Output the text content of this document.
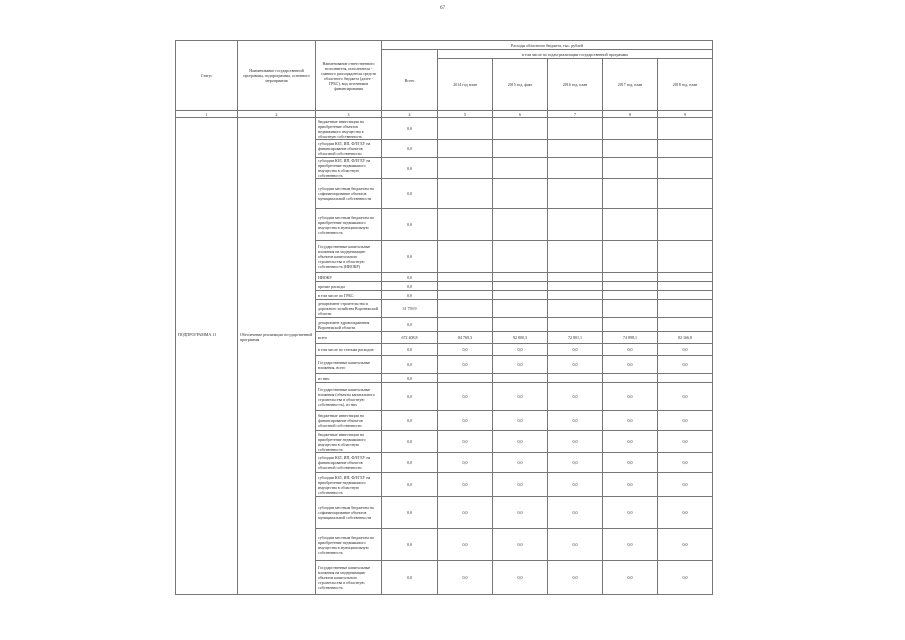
67
Статус	Наименование государственной программы, подпрограммы, основного мероприятия	Наименование ответственного исполнителя, исполнителя - главного распорядителя средств областного бюджета (далее - ГРБС), вид источников финансирования	Расходы областного бюджета, тыс. рублей					
			Всего	в том числе по годам реализации государственной программы				
				2014 год план	2015 год, факт	2016 год, план	2017 год, план	2018 год, план
1	2	3	4	5	6	7	8	9
		бюджетные инвестиции на приобретение объектов недвижимого имущества в областную собственность	0,0					
		субсидии ЮЛ, ИП, ФЛ/ГБУ на финансирование объектов областной собственности	0,0					
		субсидии ЮЛ, ИП, ФЛ/ГБУ на приобретение недвижимого имущества в областную собственность	0,0					
		субсидии местным бюджетам на софинансирование объектов муниципальной собственности	0,0					
		субсидии местным бюджетам на приобретение недвижимого имущества в муниципальную собственность	0,0					
		Государственные капитальные вложения на модернизацию объектов капитального строительства в областную собственность (НИОКР)	0,0					
		НИОКР	0,0					
		прочие расходы	0,0					
		в том числе по ГРБС:	0,0					
		департамент строительства и дорожного хозяйства Воронежской области	31 759,9					
		департамент здравоохранения Воронежской области	0,0					
ПОДПРОГРАММА 11	Обеспечение реализации государственной программы	всего	672 408,8	84 769,3	92 800,3	72 801,1	74 898,1	82 166,8
		в том числе по статьям расходов:	0,0	0,0	0,0	0,0	0,0	0,0
		Государственные капитальные вложения, всего	0,0	0,0	0,0	0,0	0,0	0,0
		из них:	0,0					
		Государственные капитальные вложения (объекты капитального строительства в областную собственность), из них	0,0	0,0	0,0	0,0	0,0	0,0
		бюджетные инвестиции на финансирование объектов областной собственности	0,0	0,0	0,0	0,0	0,0	0,0
		бюджетные инвестиции на приобретение недвижимого имущества в областную собственность	0,0	0,0	0,0	0,0	0,0	0,0
		субсидии ЮЛ, ИП, ФЛ/ГБУ на финансирование объектов областной собственности	0,0	0,0	0,0	0,0	0,0	0,0
		субсидии ЮЛ, ИП, ФЛ/ГБУ на приобретение недвижимого имущества в областную собственность	0,0	0,0	0,0	0,0	0,0	0,0
		субсидии местным бюджетам на софинансирование объектов муниципальной собственности	0,0	0,0	0,0	0,0	0,0	0,0
		субсидии местным бюджетам на приобретение недвижимого имущества в муниципальную собственность	0,0	0,0	0,0	0,0	0,0	0,0
		Государственные капитальные вложения на модернизацию объектов капитального строительства в областную собственность	0,0	0,0	0,0	0,0	0,0	0,0
